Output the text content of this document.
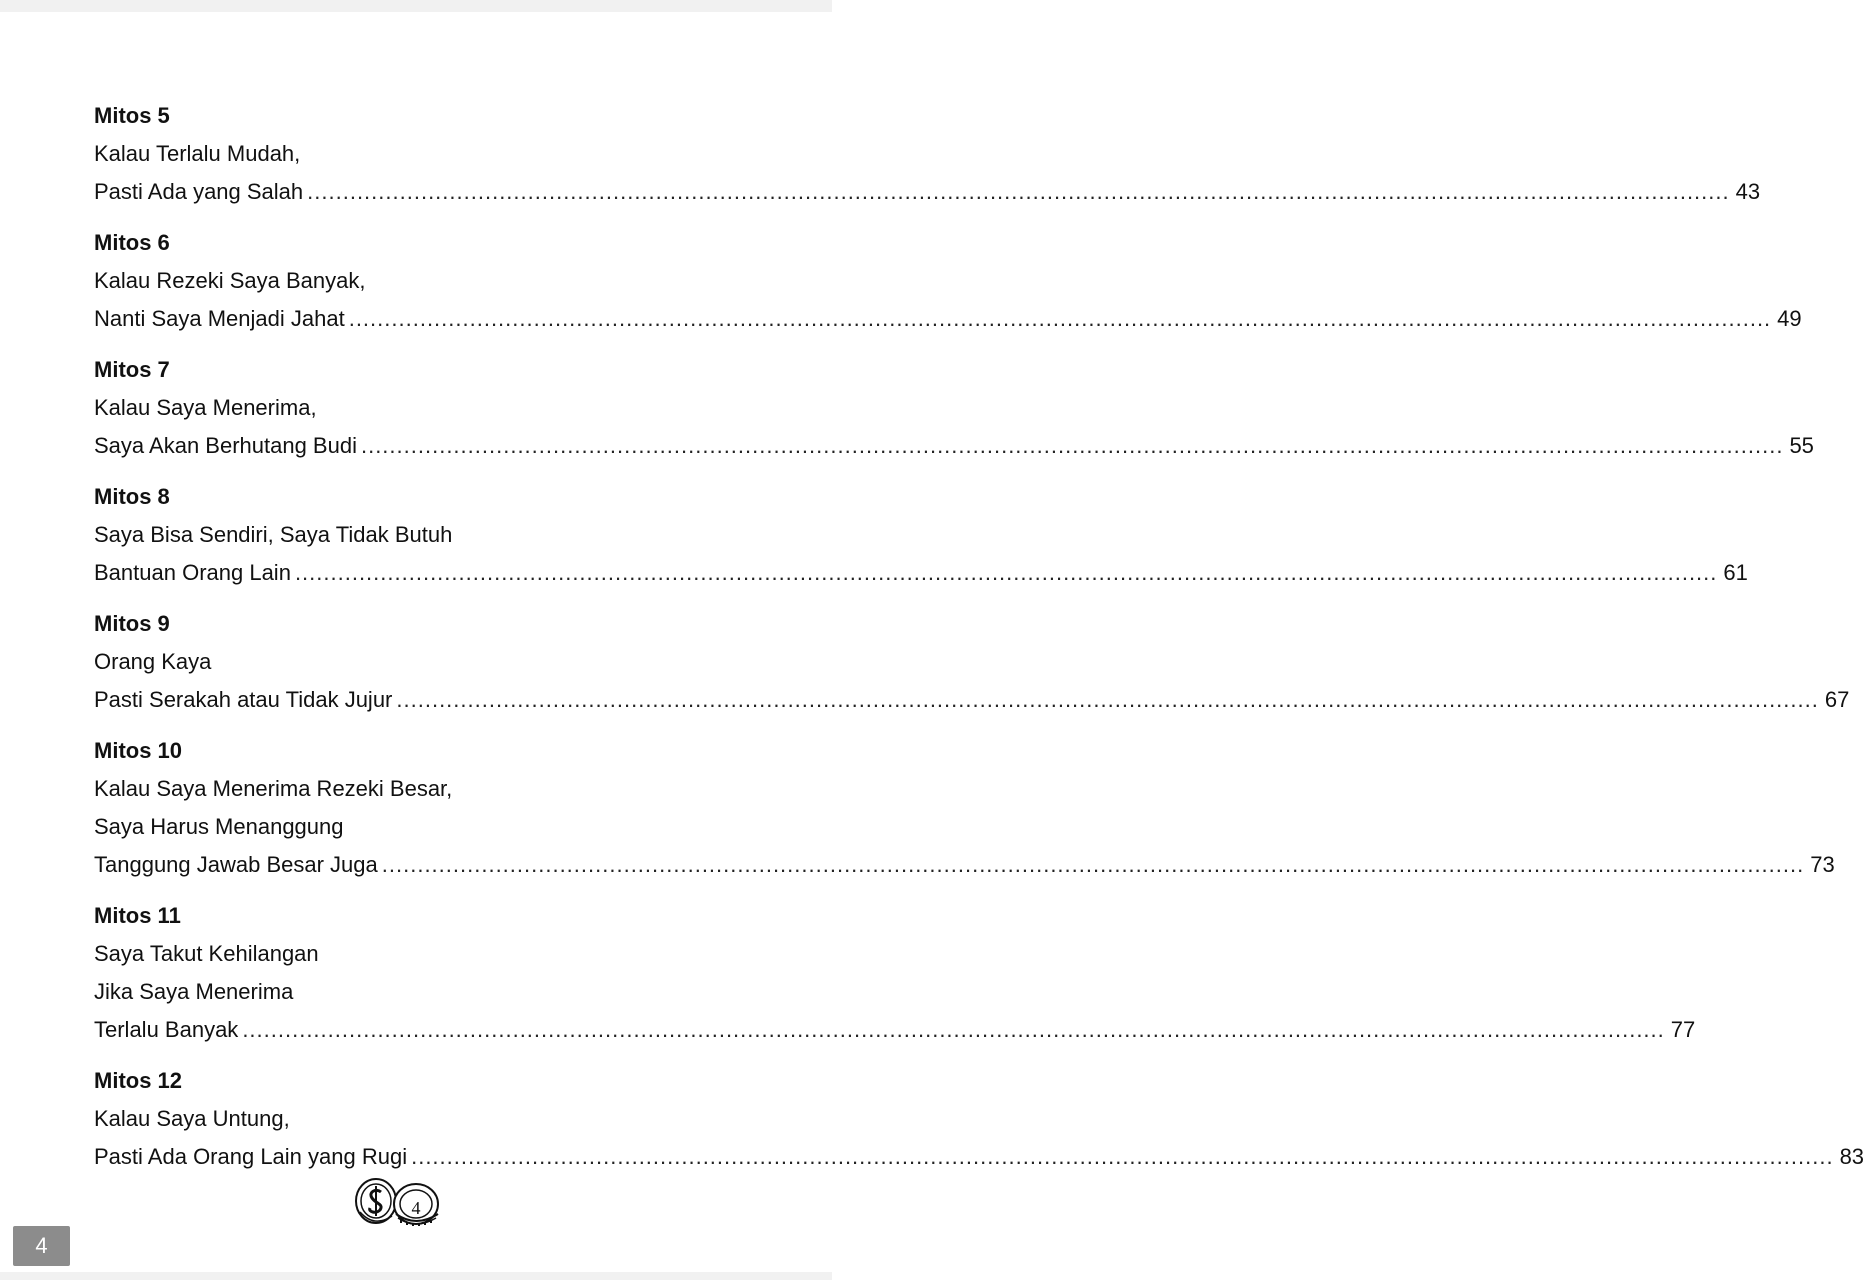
Mitos 5
Kalau Terlalu Mudah,
Pasti Ada yang Salah ........................................................................................................................................................................................................ 43
Mitos 6
Kalau Rezeki Saya Banyak,
Nanti Saya Menjadi Jahat ........................................................................................................................................................................................................ 49
Mitos 7
Kalau Saya Menerima,
Saya Akan Berhutang Budi ........................................................................................................................................................................................................ 55
Mitos 8
Saya Bisa Sendiri, Saya Tidak Butuh
Bantuan Orang Lain ........................................................................................................................................................................................................ 61
Mitos 9
Orang Kaya
Pasti Serakah atau Tidak Jujur ........................................................................................................................................................................................................ 67
Mitos 10
Kalau Saya Menerima Rezeki Besar,
Saya Harus Menanggung
Tanggung Jawab Besar Juga ........................................................................................................................................................................................................ 73
Mitos 11
Saya Takut Kehilangan
Jika Saya Menerima
Terlalu Banyak ........................................................................................................................................................................................................ 77
Mitos 12
Kalau Saya Untung,
Pasti Ada Orang Lain yang Rugi ........................................................................................................................................................................................................ 83
4
4
